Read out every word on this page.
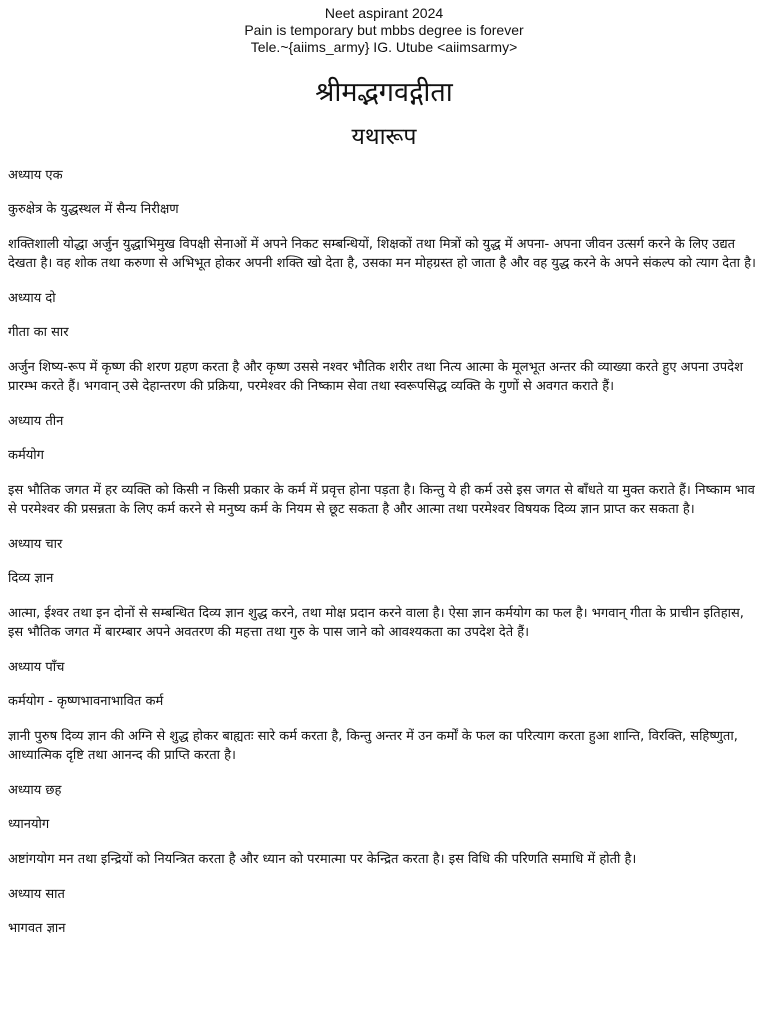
Neet aspirant 2024
Pain is temporary but mbbs degree is forever
Tele.~{aiims_army} IG. Utube <aiimsarmy>
श्रीमद्भगवद्गीता
यथारूप
अध्याय एक
कुरुक्षेत्र के युद्धस्थल में सैन्य निरीक्षण
शक्तिशाली योद्धा अर्जुन युद्धाभिमुख विपक्षी सेनाओं में अपने निकट सम्बन्धियों, शिक्षकों तथा मित्रों को युद्ध में अपना- अपना जीवन उत्सर्ग करने के लिए उद्यत देखता है। वह शोक तथा करुणा से अभिभूत होकर अपनी शक्ति खो देता है, उसका मन मोहग्रस्त हो जाता है और वह युद्ध करने के अपने संकल्प को त्याग देता है।
अध्याय दो
गीता का सार
अर्जुन शिष्य-रूप में कृष्ण की शरण ग्रहण करता है और कृष्ण उससे नश्वर भौतिक शरीर तथा नित्य आत्मा के मूलभूत अन्तर की व्याख्या करते हुए अपना उपदेश प्रारम्भ करते हैं। भगवान् उसे देहान्तरण की प्रक्रिया, परमेश्वर की निष्काम सेवा तथा स्वरूपसिद्ध व्यक्ति के गुणों से अवगत कराते हैं।
अध्याय तीन
कर्मयोग
इस भौतिक जगत में हर व्यक्ति को किसी न किसी प्रकार के कर्म में प्रवृत्त होना पड़ता है। किन्तु ये ही कर्म उसे इस जगत से बाँधते या मुक्त कराते हैं। निष्काम भाव से परमेश्वर की प्रसन्नता के लिए कर्म करने से मनुष्य कर्म के नियम से छूट सकता है और आत्मा तथा परमेश्वर विषयक दिव्य ज्ञान प्राप्त कर सकता है।
अध्याय चार
दिव्य ज्ञान
आत्मा, ईश्वर तथा इन दोनों से सम्बन्धित दिव्य ज्ञान शुद्ध करने, तथा मोक्ष प्रदान करने वाला है। ऐसा ज्ञान कर्मयोग का फल है। भगवान् गीता के प्राचीन इतिहास, इस भौतिक जगत में बारम्बार अपने अवतरण की महत्ता तथा गुरु के पास जाने को आवश्यकता का उपदेश देते हैं।
अध्याय पाँच
कर्मयोग - कृष्णभावनाभावित कर्म
ज्ञानी पुरुष दिव्य ज्ञान की अग्नि से शुद्ध होकर बाह्यतः सारे कर्म करता है, किन्तु अन्तर में उन कर्मों के फल का परित्याग करता हुआ शान्ति, विरक्ति, सहिष्णुता, आध्यात्मिक दृष्टि तथा आनन्द की प्राप्ति करता है।
अध्याय छह
ध्यानयोग
अष्टांगयोग मन तथा इन्द्रियों को नियन्त्रित करता है और ध्यान को परमात्मा पर केन्द्रित करता है। इस विधि की परिणति समाधि में होती है।
अध्याय सात
भागवत ज्ञान
